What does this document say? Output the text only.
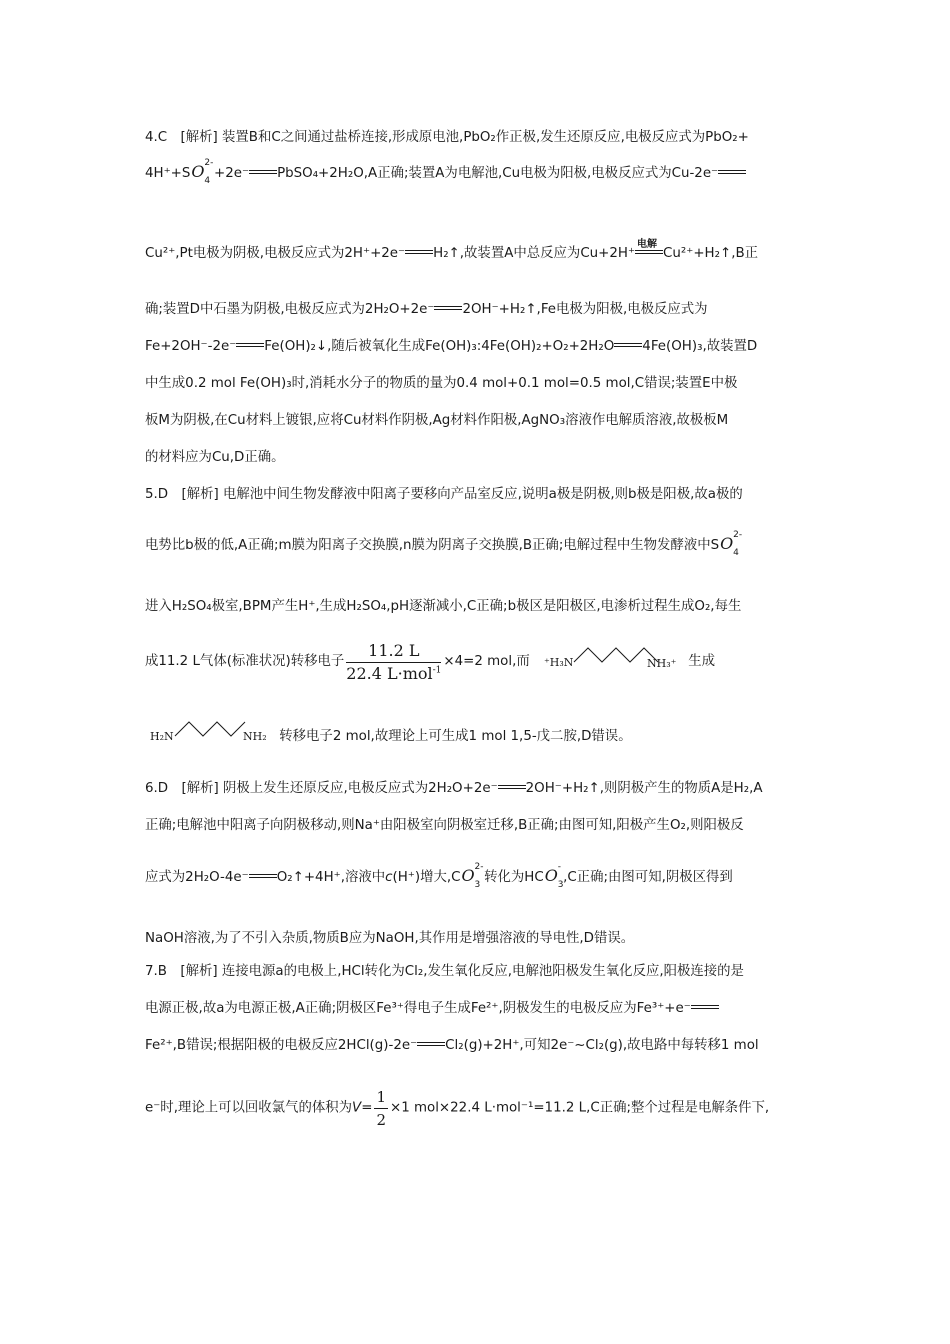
4.C　[解析] 装置B和C之间通过盐桥连接,形成原电池,PbO₂作正极,发生还原反应,电极反应式为PbO₂+
4H⁺+SO 2-
4 +2e⁻ PbSO₄+2H₂O,A正确;装置A为电解池,Cu电极为阳极,电极反应式为Cu-2e⁻
Cu²⁺,Pt电极为阴极,电极反应式为2H⁺+2e⁻ H₂↑,故装置A中总反应为Cu+2H⁺
电解
Cu²⁺+H₂↑,B正
确;装置D中石墨为阴极,电极反应式为2H₂O+2e⁻ 2OH⁻+H₂↑,Fe电极为阳极,电极反应式为
Fe+2OH⁻-2e⁻ Fe(OH)₂↓,随后被氧化生成Fe(OH)₃:4Fe(OH)₂+O₂+2H₂O 4Fe(OH)₃,故装置D
中生成0.2 mol Fe(OH)₃时,消耗水分子的物质的量为0.4 mol+0.1 mol=0.5 mol,C错误;装置E中极
板M为阴极,在Cu材料上镀银,应将Cu材料作阴极,Ag材料作阳极,AgNO₃溶液作电解质溶液,故极板M
的材料应为Cu,D正确。
5.D　[解析] 电解池中间生物发酵液中阳离子要移向产品室反应,说明a极是阴极,则b极是阳极,故a极的
电势比b极的低,A正确;m膜为阳离子交换膜,n膜为阴离子交换膜,B正确;电解过程中生物发酵液中SO 2-
4
进入H₂SO₄极室,BPM产生H⁺,生成H₂SO₄,pH逐渐减小,C正确;b极区是阳极区,电渗析过程生成O₂,每生
成11.2 L气体(标准状况)转移电子 $\frac{11.2 L}{22.4 L\cdot mol^{-1}} \times 4=2$ mol,而 ⁺H₃N	NH₃⁺ 生成
H₂N	NH₂ 转移电子2 mol,故理论上可生成1 mol 1,5-戊二胺,D错误。
6.D　[解析] 阴极上发生还原反应,电极反应式为2H₂O+2e⁻ 2OH⁻+H₂↑,则阴极产生的物质A是H₂,A
正确;电解池中阳离子向阴极移动,则Na⁺由阳极室向阴极室迁移,B正确;由图可知,阳极产生O₂,则阳极反
应式为2H₂O-4e⁻ O₂↑+4H⁺,溶液中c(H⁺)增大,CO 2-
3 转化为HCO -
3 ,C正确;由图可知,阴极区得到
NaOH溶液,为了不引入杂质,物质B应为NaOH,其作用是增强溶液的导电性,D错误。
7.B　[解析] 连接电源a的电极上,HCl转化为Cl₂,发生氧化反应,电解池阳极发生氧化反应,阳极连接的是
电源正极,故a为电源正极,A正确;阴极区Fe³⁺得电子生成Fe²⁺,阴极发生的电极反应为Fe³⁺+e⁻
Fe²⁺,B错误;根据阳极的电极反应2HCl(g)-2e⁻ Cl₂(g)+2H⁺,可知2e⁻~Cl₂(g),故电路中每转移1 mol
e⁻时,理论上可以回收氯气的体积为$V= \frac{1}{2} \times 1$ mol×22.4 L·mol⁻¹=11.2 L,C正确;整个过程是电解条件下,
